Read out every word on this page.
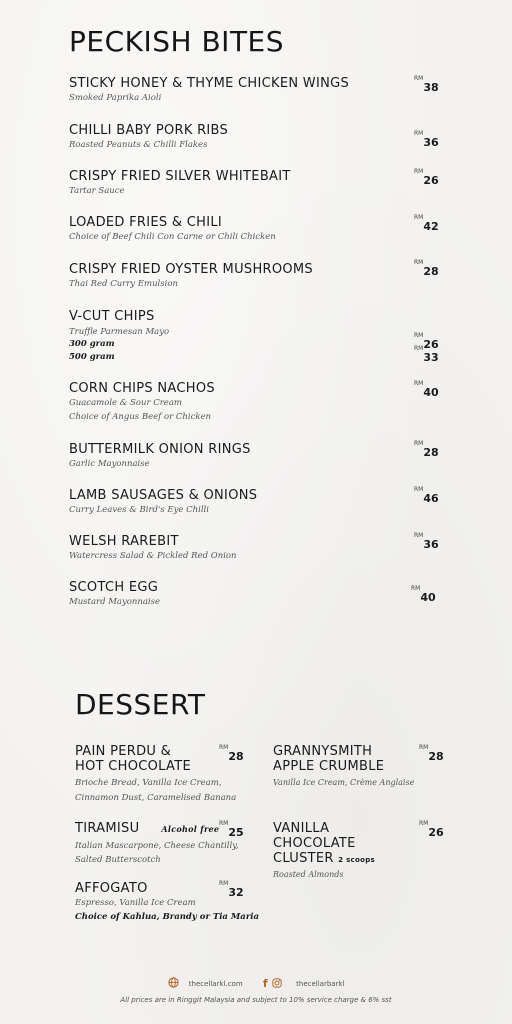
PECKISH BITES
STICKY HONEY & THYME CHICKEN WINGS
Smoked Paprika Aioli
$^{RM}$38
CHILLI BABY PORK RIBS
Roasted Peanuts & Chilli Flakes
$^{RM}$36
CRISPY FRIED SILVER WHITEBAIT
Tartar Sauce
$^{RM}$26
LOADED FRIES & CHILI
Choice of Beef Chili Con Carne or Chili Chicken
$^{RM}$42
CRISPY FRIED OYSTER MUSHROOMS
Thai Red Curry Emulsion
$^{RM}$28
V-CUT CHIPS
Truffle Parmesan Mayo
300 gram
500 gram
$^{RM}$26
$^{RM}$33
CORN CHIPS NACHOS
Guacamole & Sour Cream
Choice of Angus Beef or Chicken
$^{RM}$40
BUTTERMILK ONION RINGS
Garlic Mayonnaise
$^{RM}$28
LAMB SAUSAGES & ONIONS
Curry Leaves & Bird's Eye Chilli
$^{RM}$46
WELSH RAREBIT
Watercress Salad & Pickled Red Onion
$^{RM}$36
SCOTCH EGG
Mustard Mayonnaise
$^{RM}$40
DESSERT
PAIN PERDU &
HOT CHOCOLATE
Brioche Bread, Vanilla Ice Cream,
Cinnamon Dust, Caramelised Banana
$^{RM}$28 GRANNYSMITH
APPLE CRUMBLE
Vanilla Ice Cream, Crème Anglaise
$^{RM}$28
TIRAMISU	Alcohol free
Italian Mascarpone, Cheese Chantilly,
Salted Butterscotch
$^{RM}$25 VANILLA
CHOCOLATE
CLUSTER $^{2 scoops}$
Roasted Almonds
$^{RM}$26
AFFOGATO
Espresso, Vanilla Ice Cream
Choice of Kahlua, Brandy or Tia Maria
$^{RM}$32
thecellarkl.com f	thecellarbarkl
All prices are in Ringgit Malaysia and subject to 10% service charge & 6% sst
